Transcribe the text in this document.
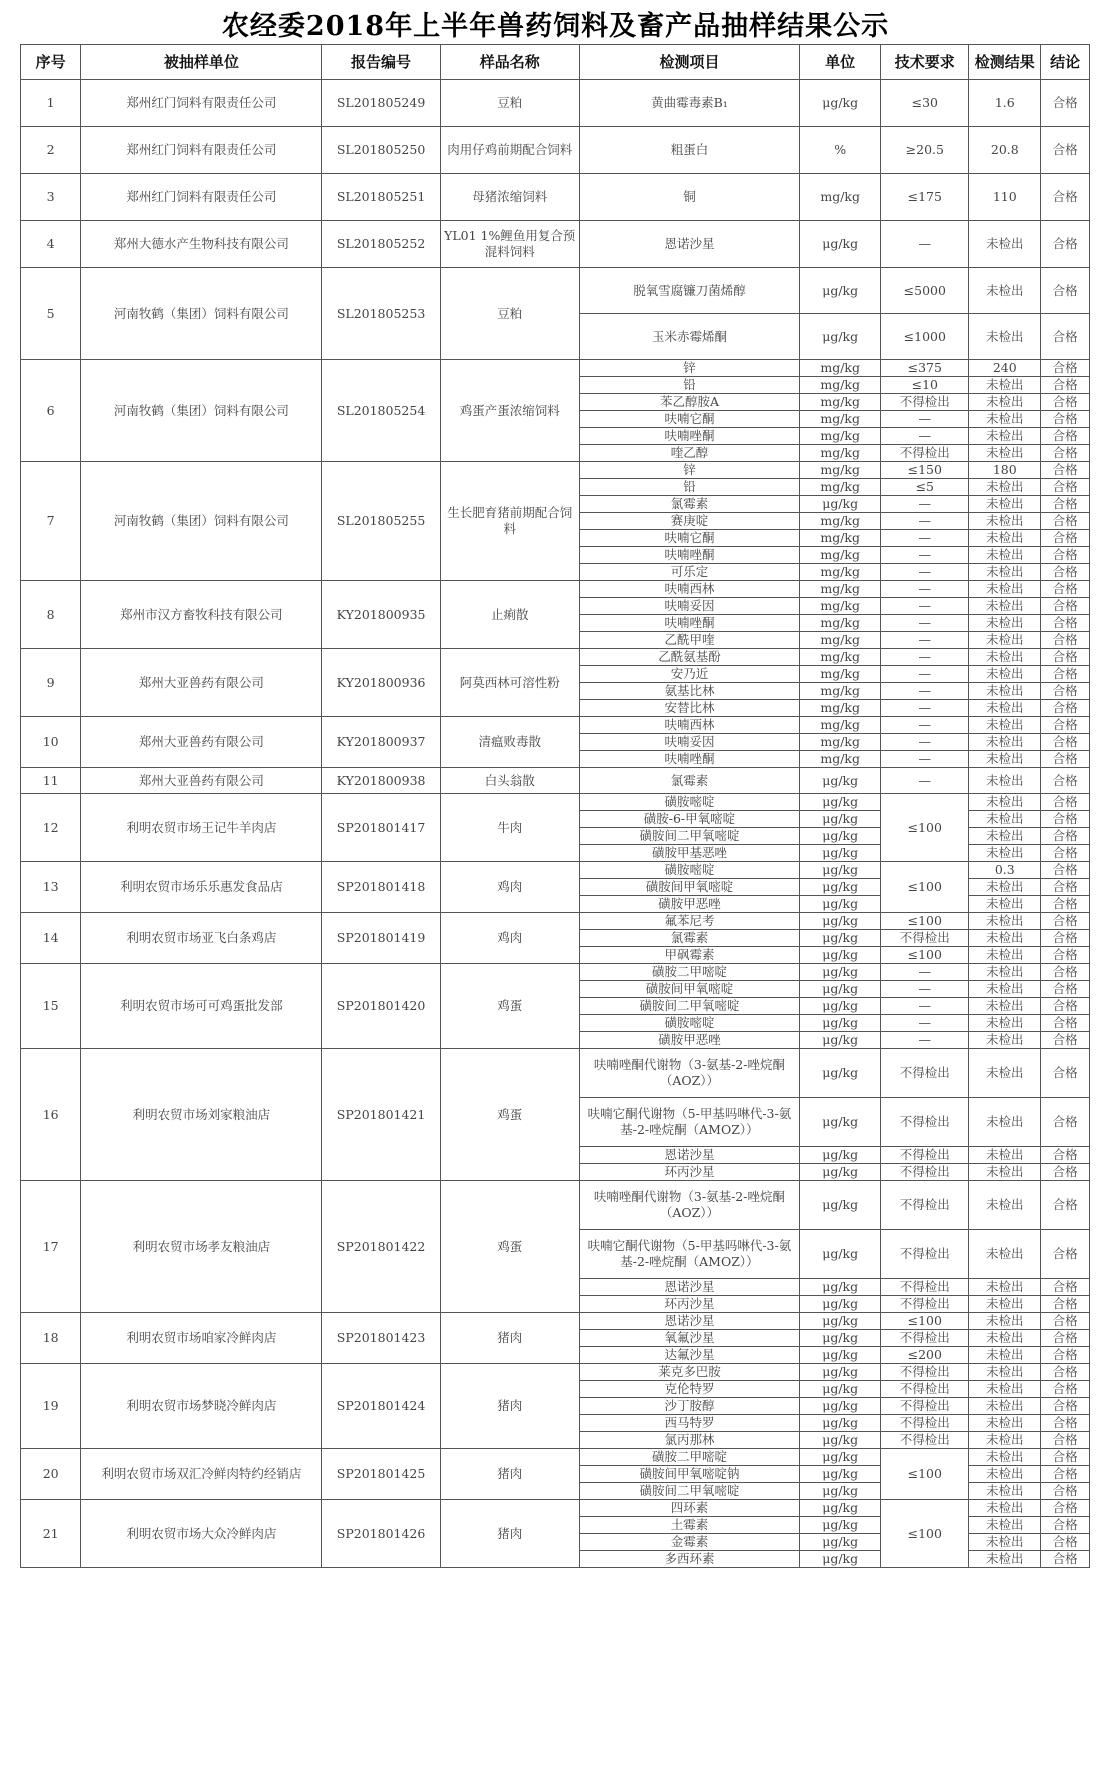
农经委2018年上半年兽药饲料及畜产品抽样结果公示
序号	被抽样单位	报告编号	样品名称	检测项目	单位	技术要求	检测结果	结论
1	郑州红门饲料有限责任公司	SL201805249	豆粕	黄曲霉毒素B₁	μg/kg	≤30	1.6	合格
2	郑州红门饲料有限责任公司	SL201805250	肉用仔鸡前期配合饲料	粗蛋白	%	≥20.5	20.8	合格
3	郑州红门饲料有限责任公司	SL201805251	母猪浓缩饲料	铜	mg/kg	≤175	110	合格
4	郑州大德水产生物科技有限公司	SL201805252	YL01 1%鲤鱼用复合预混料饲料	恩诺沙星	μg/kg	—	未检出	合格
5	河南牧鹤（集团）饲料有限公司	SL201805253	豆粕	脱氧雪腐镰刀菌烯醇	μg/kg	≤5000	未检出	合格
				玉米赤霉烯酮	μg/kg	≤1000	未检出	合格
6	河南牧鹤（集团）饲料有限公司	SL201805254	鸡蛋产蛋浓缩饲料	锌	mg/kg	≤375	240	合格
				铅	mg/kg	≤10	未检出	合格
				苯乙醇胺A	mg/kg	不得检出	未检出	合格
				呋喃它酮	mg/kg	—	未检出	合格
				呋喃唑酮	mg/kg	—	未检出	合格
				喹乙醇	mg/kg	不得检出	未检出	合格
7	河南牧鹤（集团）饲料有限公司	SL201805255	生长肥育猪前期配合饲料	锌	mg/kg	≤150	180	合格
				铅	mg/kg	≤5	未检出	合格
				氯霉素	μg/kg	—	未检出	合格
				赛庚啶	mg/kg	—	未检出	合格
				呋喃它酮	mg/kg	—	未检出	合格
				呋喃唑酮	mg/kg	—	未检出	合格
				可乐定	mg/kg	—	未检出	合格
8	郑州市汉方畜牧科技有限公司	KY201800935	止痢散	呋喃西林	mg/kg	—	未检出	合格
				呋喃妥因	mg/kg	—	未检出	合格
				呋喃唑酮	mg/kg	—	未检出	合格
				乙酰甲喹	mg/kg	—	未检出	合格
9	郑州大亚兽药有限公司	KY201800936	阿莫西林可溶性粉	乙酰氨基酚	mg/kg	—	未检出	合格
				安乃近	mg/kg	—	未检出	合格
				氨基比林	mg/kg	—	未检出	合格
				安替比林	mg/kg	—	未检出	合格
10	郑州大亚兽药有限公司	KY201800937	清瘟败毒散	呋喃西林	mg/kg	—	未检出	合格
				呋喃妥因	mg/kg	—	未检出	合格
				呋喃唑酮	mg/kg	—	未检出	合格
11	郑州大亚兽药有限公司	KY201800938	白头翁散	氯霉素	μg/kg	—	未检出	合格
12	利明农贸市场王记牛羊肉店	SP201801417	牛肉	磺胺嘧啶	μg/kg	≤100	未检出	合格
				磺胺-6-甲氧嘧啶	μg/kg		未检出	合格
				磺胺间二甲氧嘧啶	μg/kg		未检出	合格
				磺胺甲基恶唑	μg/kg		未检出	合格
13	利明农贸市场乐乐惠发食品店	SP201801418	鸡肉	磺胺嘧啶	μg/kg	≤100	0.3	合格
				磺胺间甲氧嘧啶	μg/kg		未检出	合格
				磺胺甲恶唑	μg/kg		未检出	合格
14	利明农贸市场亚飞白条鸡店	SP201801419	鸡肉	氟苯尼考	μg/kg	≤100	未检出	合格
				氯霉素	μg/kg	不得检出	未检出	合格
				甲砜霉素	μg/kg	≤100	未检出	合格
15	利明农贸市场可可鸡蛋批发部	SP201801420	鸡蛋	磺胺二甲嘧啶	μg/kg	—	未检出	合格
				磺胺间甲氧嘧啶	μg/kg	—	未检出	合格
				磺胺间二甲氧嘧啶	μg/kg	—	未检出	合格
				磺胺嘧啶	μg/kg	—	未检出	合格
				磺胺甲恶唑	μg/kg	—	未检出	合格
16	利明农贸市场刘家粮油店	SP201801421	鸡蛋	呋喃唑酮代谢物（3-氨基-2-唑烷酮（AOZ））	μg/kg	不得检出	未检出	合格
				呋喃它酮代谢物（5-甲基吗啉代-3-氨基-2-唑烷酮（AMOZ））	μg/kg	不得检出	未检出	合格
				恩诺沙星	μg/kg	不得检出	未检出	合格
				环丙沙星	μg/kg	不得检出	未检出	合格
17	利明农贸市场孝友粮油店	SP201801422	鸡蛋	呋喃唑酮代谢物（3-氨基-2-唑烷酮（AOZ））	μg/kg	不得检出	未检出	合格
				呋喃它酮代谢物（5-甲基吗啉代-3-氨基-2-唑烷酮（AMOZ））	μg/kg	不得检出	未检出	合格
				恩诺沙星	μg/kg	不得检出	未检出	合格
				环丙沙星	μg/kg	不得检出	未检出	合格
18	利明农贸市场咱家冷鲜肉店	SP201801423	猪肉	恩诺沙星	μg/kg	≤100	未检出	合格
				氧氟沙星	μg/kg	不得检出	未检出	合格
				达氟沙星	μg/kg	≤200	未检出	合格
19	利明农贸市场梦晓冷鲜肉店	SP201801424	猪肉	莱克多巴胺	μg/kg	不得检出	未检出	合格
				克伦特罗	μg/kg	不得检出	未检出	合格
				沙丁胺醇	μg/kg	不得检出	未检出	合格
				西马特罗	μg/kg	不得检出	未检出	合格
				氯丙那林	μg/kg	不得检出	未检出	合格
20	利明农贸市场双汇冷鲜肉特约经销店	SP201801425	猪肉	磺胺二甲嘧啶	μg/kg	≤100	未检出	合格
				磺胺间甲氧嘧啶钠	μg/kg		未检出	合格
				磺胺间二甲氧嘧啶	μg/kg		未检出	合格
21	利明农贸市场大众冷鲜肉店	SP201801426	猪肉	四环素	μg/kg	≤100	未检出	合格
				土霉素	μg/kg		未检出	合格
				金霉素	μg/kg		未检出	合格
				多西环素	μg/kg		未检出	合格
